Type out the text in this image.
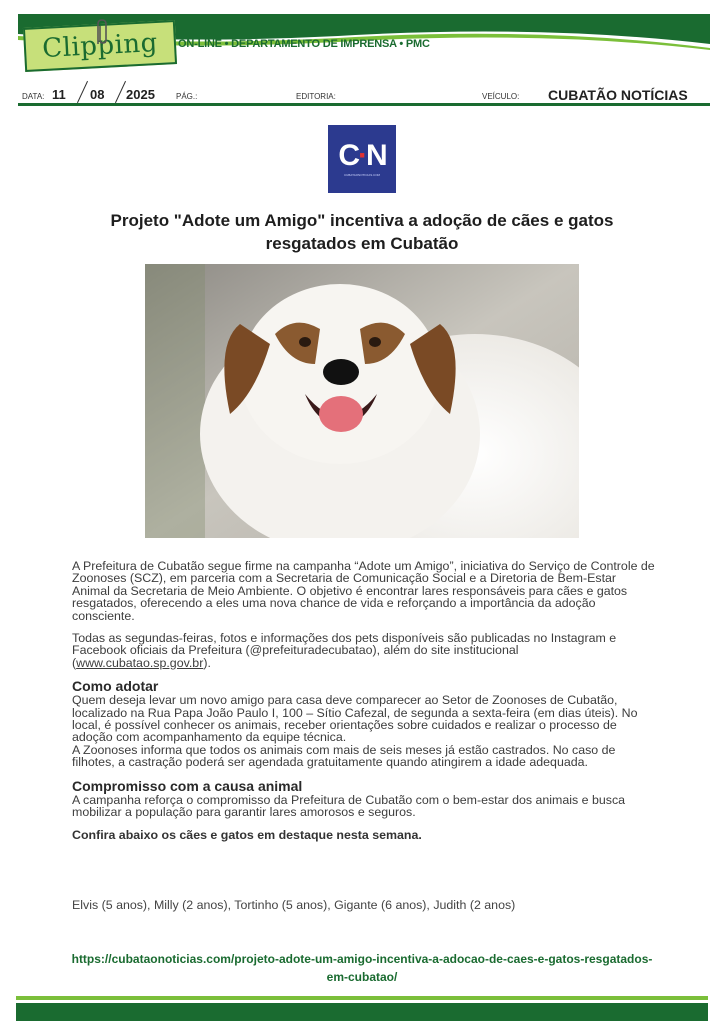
Clipping ON-LINE • DEPARTAMENTO DE IMPRENSA • PMC
DATA: 11 08 2025	PÁG.:	EDITORIA:	VEÍCULO: CUBATÃO NOTÍCIAS
C·N
CUBATAONOTICIAS.COM
Projeto "Adote um Amigo" incentiva a adoção de cães e gatos resgatados em Cubatão

A Prefeitura de Cubatão segue firme na campanha “Adote um Amigo”, iniciativa do Serviço de Controle de Zoonoses (SCZ), em parceria com a Secretaria de Comunicação Social e a Diretoria de Bem-Estar Animal da Secretaria de Meio Ambiente. O objetivo é encontrar lares responsáveis para cães e gatos resgatados, oferecendo a eles uma nova chance de vida e reforçando a importância da adoção consciente.

Todas as segundas-feiras, fotos e informações dos pets disponíveis são publicadas no Instagram e Facebook oficiais da Prefeitura (@prefeituradecubatao), além do site institucional (www.cubatao.sp.gov.br).

Como adotar

Quem deseja levar um novo amigo para casa deve comparecer ao Setor de Zoonoses de Cubatão, localizado na Rua Papa João Paulo I, 100 – Sítio Cafezal, de segunda a sexta-feira (em dias úteis). No local, é possível conhecer os animais, receber orientações sobre cuidados e realizar o processo de adoção com acompanhamento da equipe técnica.

A Zoonoses informa que todos os animais com mais de seis meses já estão castrados. No caso de filhotes, a castração poderá ser agendada gratuitamente quando atingirem a idade adequada.

Compromisso com a causa animal

A campanha reforça o compromisso da Prefeitura de Cubatão com o bem-estar dos animais e busca mobilizar a população para garantir lares amorosos e seguros.

Confira abaixo os cães e gatos em destaque nesta semana.

Elvis (5 anos), Milly (2 anos), Tortinho (5 anos), Gigante (6 anos), Judith (2 anos)
https://cubataonoticias.com/projeto-adote-um-amigo-incentiva-a-adocao-de-caes-e-gatos-resgatados-em-cubatao/
